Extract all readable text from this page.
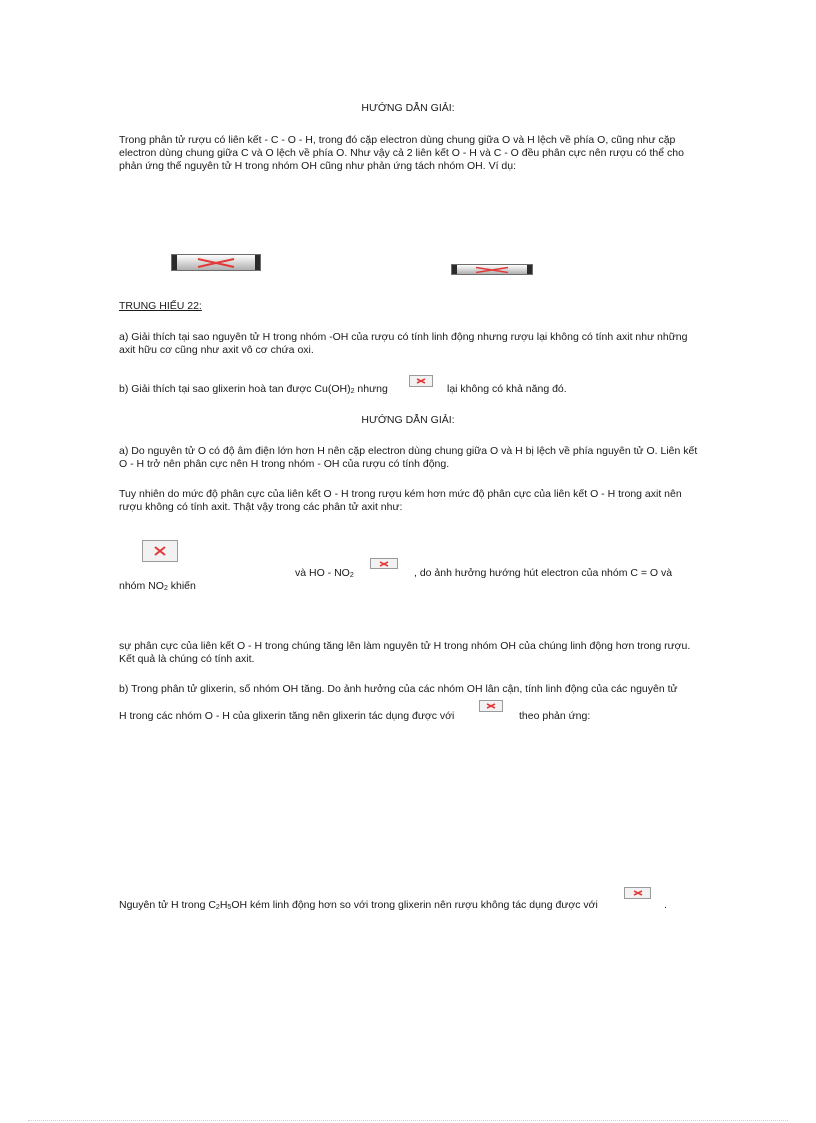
HƯỚNG DẪN GIẢI:
Trong phân tử rượu có liên kết - C - O - H, trong đó cặp electron dùng chung giữa O và H lệch về phía O, cũng như cặp electron dùng chung giữa C và O lệch về phía O. Như vậy cả 2 liên kết O - H và C - O đều phân cực nên rượu có thể cho phản ứng thế nguyên tử H trong nhóm OH cũng như phản ứng tách nhóm OH. Ví dụ:
TRUNG HIẾU 22:
a) Giải thích tại sao nguyên tử H trong nhóm -OH của rượu có tính linh động nhưng rượu lại không có tính axit như những axit hữu cơ cũng như axit vô cơ chứa oxi.
b) Giải thích tại sao glixerin hoà tan được $Cu(OH)_2$ nhưng	lại không có khả năng đó.
HƯỚNG DẪN GIẢI:
a) Do nguyên tử O có độ âm điện lớn hơn H nên cặp electron dùng chung giữa O và H bị lệch về phía nguyên tử O. Liên kết O - H trở nên phân cực nên H trong nhóm - OH của rượu có tính động.
Tuy nhiên do mức độ phân cực của liên kết O - H trong rượu kém hơn mức độ phân cực của liên kết O - H trong axit nên rượu không có tính axit. Thật vậy trong các phân tử axit như:
và HO - $NO_2$	, do ảnh hưởng hướng hút electron của nhóm C = O và
nhóm $NO_2$ khiến
sự phân cực của liên kết O - H trong chúng tăng lên làm nguyên tử H trong nhóm OH của chúng linh động hơn trong rượu. Kết quả là chúng có tính axit.
b) Trong phân tử glixerin, số nhóm OH tăng. Do ảnh hưởng của các nhóm OH lân cận, tính linh động của các nguyên tử
H trong các nhóm O - H của glixerin tăng nên glixerin tác dụng được với	theo phản ứng:
Nguyên tử H trong $C_2H_5OH$ kém linh động hơn so với trong glixerin nên rượu không tác dụng được với	.
